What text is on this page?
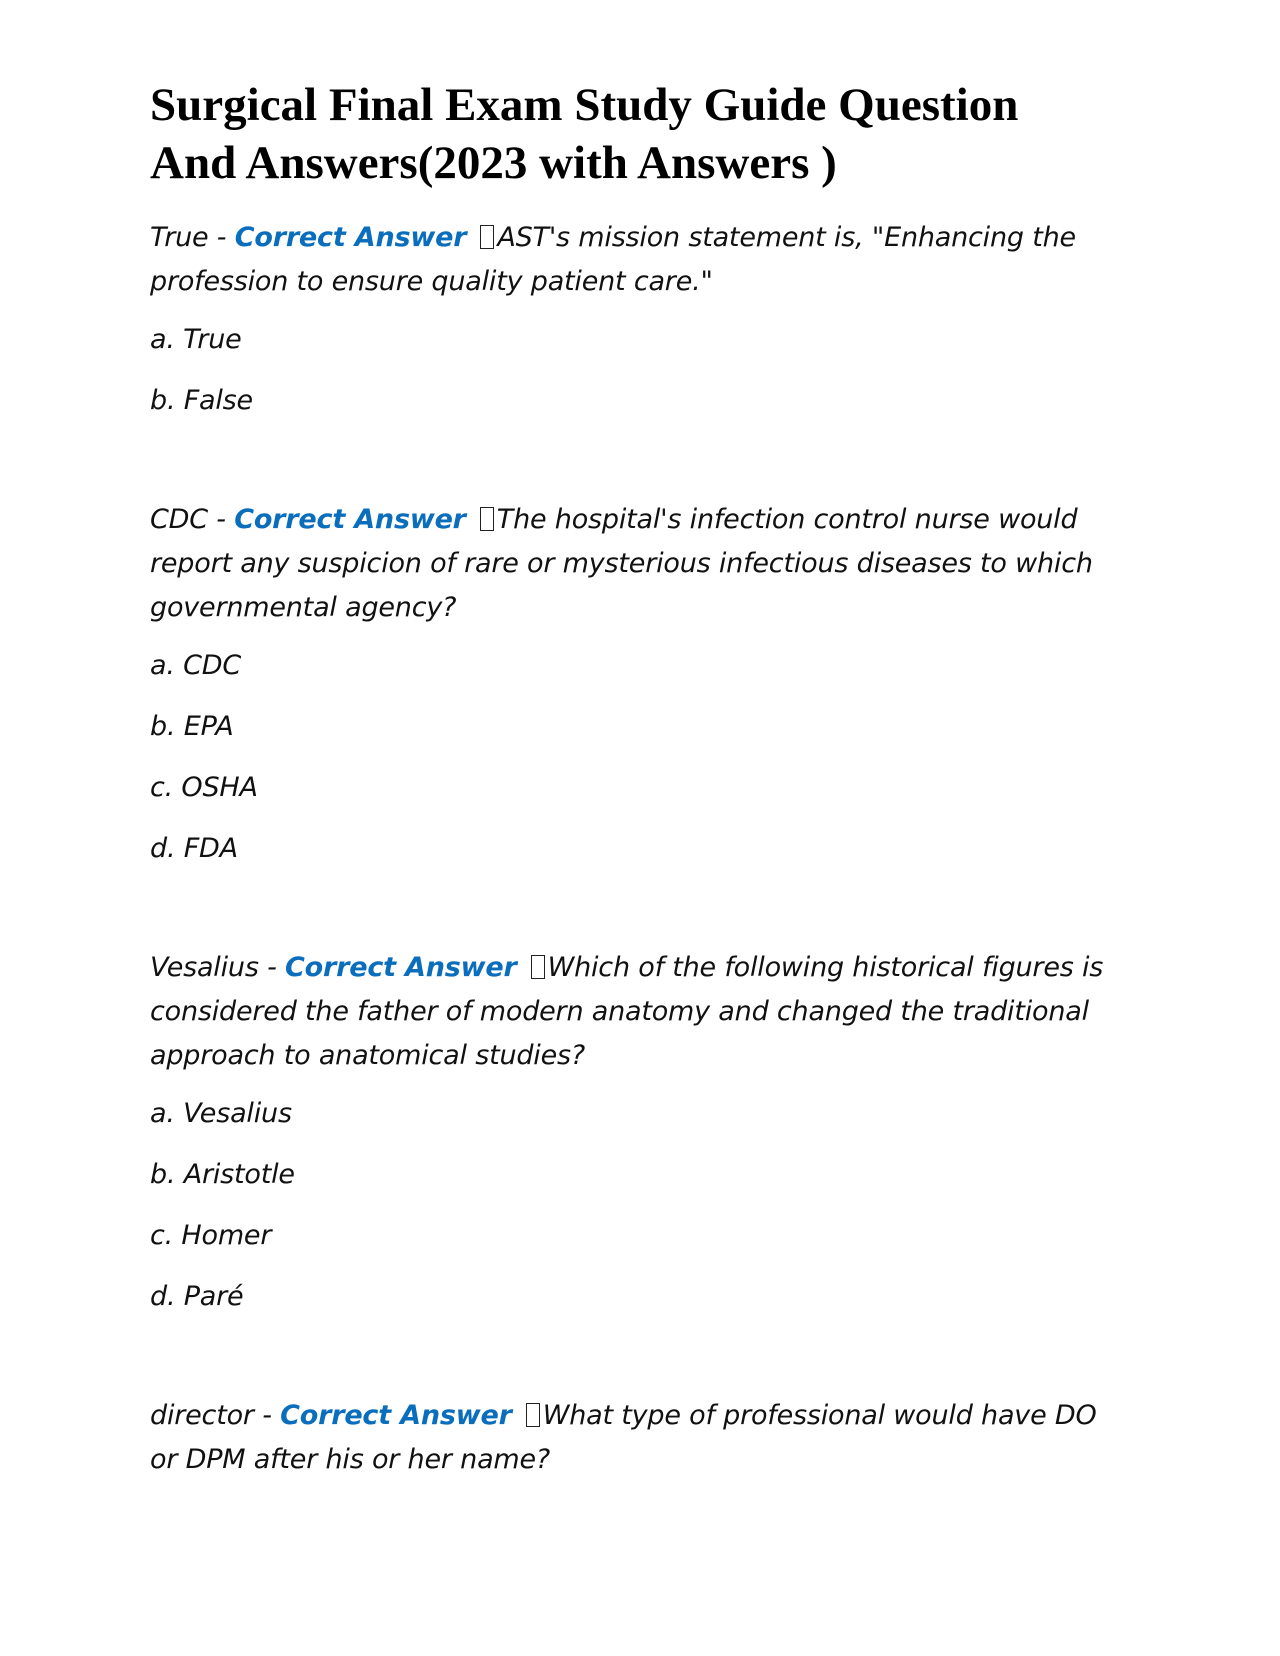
Surgical Final Exam Study Guide Question And Answers(2023 with Answers )

True - Correct Answer AST's mission statement is, "Enhancing the profession to ensure quality patient care."

a. True

b. False

CDC - Correct Answer The hospital's infection control nurse would report any suspicion of rare or mysterious infectious diseases to which governmental agency?

a. CDC

b. EPA

c. OSHA

d. FDA

Vesalius - Correct Answer Which of the following historical figures is considered the father of modern anatomy and changed the traditional approach to anatomical studies?

a. Vesalius

b. Aristotle

c. Homer

d. Paré

director - Correct Answer What type of professional would have DO or DPM after his or her name?
